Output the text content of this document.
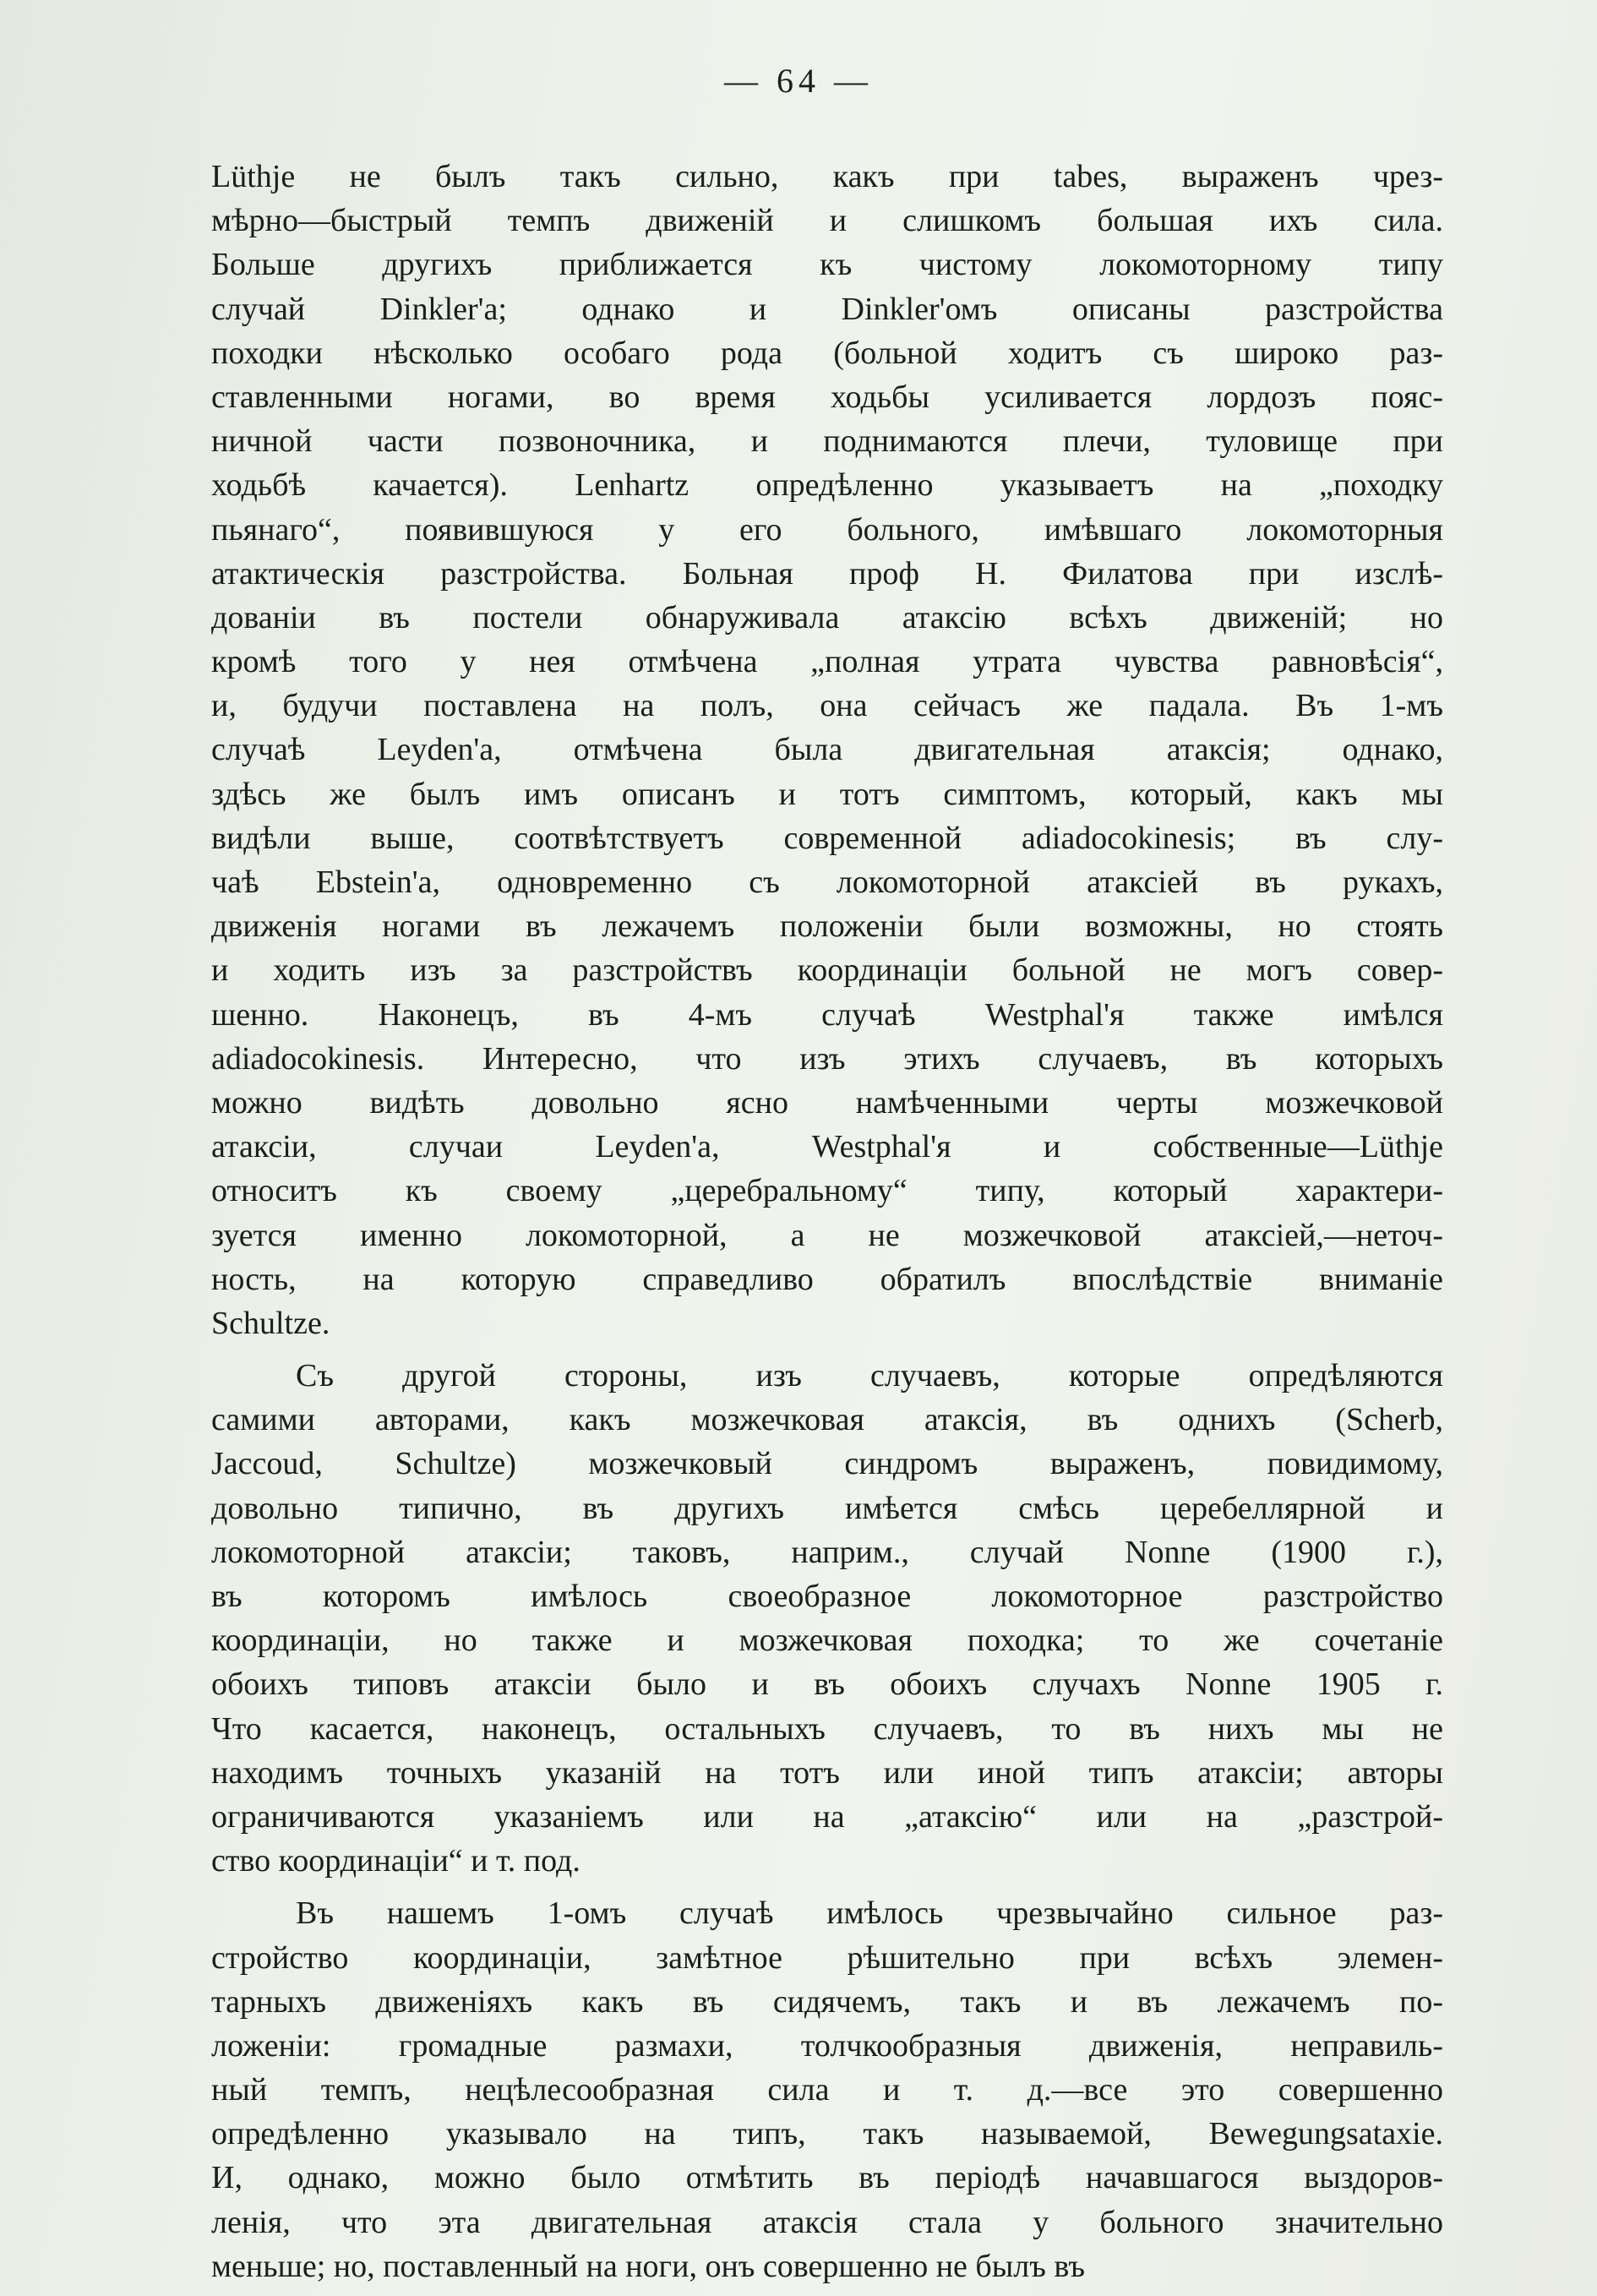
— 64 —
Lüthje не былъ такъ сильно, какъ при tabes, выраженъ чрез-
мѣрно—быстрый темпъ движеній и слишкомъ большая ихъ сила.
Больше другихъ приближается къ чистому локомоторному типу
случай Dinkler'a; однако и Dinkler'омъ описаны разстройства
походки нѣсколько особаго рода (больной ходитъ съ широко раз-
ставленными ногами, во время ходьбы усиливается лордозъ пояс-
ничной части позвоночника, и поднимаются плечи, туловище при
ходьбѣ качается). Lenhartz опредѣленно указываетъ на „походку
пьянаго“, появившуюся у его больного, имѣвшаго локомоторныя
атактическія разстройства. Больная проф Н. Филатова при изслѣ-
дованіи въ постели обнаруживала атаксію всѣхъ движеній; но
кромѣ того у нея отмѣчена „полная утрата чувства равновѣсія“,
и, будучи поставлена на полъ, она сейчасъ же падала. Въ 1-мъ
случаѣ Leyden'а, отмѣчена была двигательная атаксія; однако,
здѣсь же былъ имъ описанъ и тотъ симптомъ, который, какъ мы
видѣли выше, соотвѣтствуетъ современной adiadocokinesis; въ слу-
чаѣ Ebstein'а, одновременно съ локомоторной атаксіей въ рукахъ,
движенія ногами въ лежачемъ положеніи были возможны, но стоять
и ходить изъ за разстройствъ координаціи больной не могъ совер-
шенно. Наконецъ, въ 4-мъ случаѣ Westphal'я также имѣлся
adiadocokinesis. Интересно, что изъ этихъ случаевъ, въ которыхъ
можно видѣть довольно ясно намѣченными черты мозжечковой
атаксіи, случаи Leyden'а, Westphal'я и собственные—Lüthje
относитъ къ своему „церебральному“ типу, который характери-
зуется именно локомоторной, а не мозжечковой атаксіей,—неточ-
ность, на которую справедливо обратилъ впослѣдствіе вниманіе
Schultze.
Съ другой стороны, изъ случаевъ, которые опредѣляются
самими авторами, какъ мозжечковая атаксія, въ однихъ (Scherb,
Jaccoud, Schultze) мозжечковый синдромъ выраженъ, повидимому,
довольно типично, въ другихъ имѣется смѣсь церебеллярной и
локомоторной атаксіи; таковъ, наприм., случай Nonne (1900 г.),
въ которомъ имѣлось своеобразное локомоторное разстройство
координаціи, но также и мозжечковая походка; то же сочетаніе
обоихъ типовъ атаксіи было и въ обоихъ случахъ Nonne 1905 г.
Что касается, наконецъ, остальныхъ случаевъ, то въ нихъ мы не
находимъ точныхъ указаній на тотъ или иной типъ атаксіи; авторы
ограничиваются указаніемъ или на „атаксію“ или на „разстрой-
ство координаціи“ и т. под.
Въ нашемъ 1-омъ случаѣ имѣлось чрезвычайно сильное раз-
стройство координаціи, замѣтное рѣшительно при всѣхъ элемен-
тарныхъ движеніяхъ какъ въ сидячемъ, такъ и въ лежачемъ по-
ложеніи: громадные размахи, толчкообразныя движенія, неправиль-
ный темпъ, нецѣлесообразная сила и т. д.—все это совершенно
опредѣленно указывало на типъ, такъ называемой, Bewegungsataxie.
И, однако, можно было отмѣтить въ періодѣ начавшагося выздоров-
ленія, что эта двигательная атаксія стала у больного значительно
меньше; но, поставленный на ноги, онъ совершенно не былъ въ
